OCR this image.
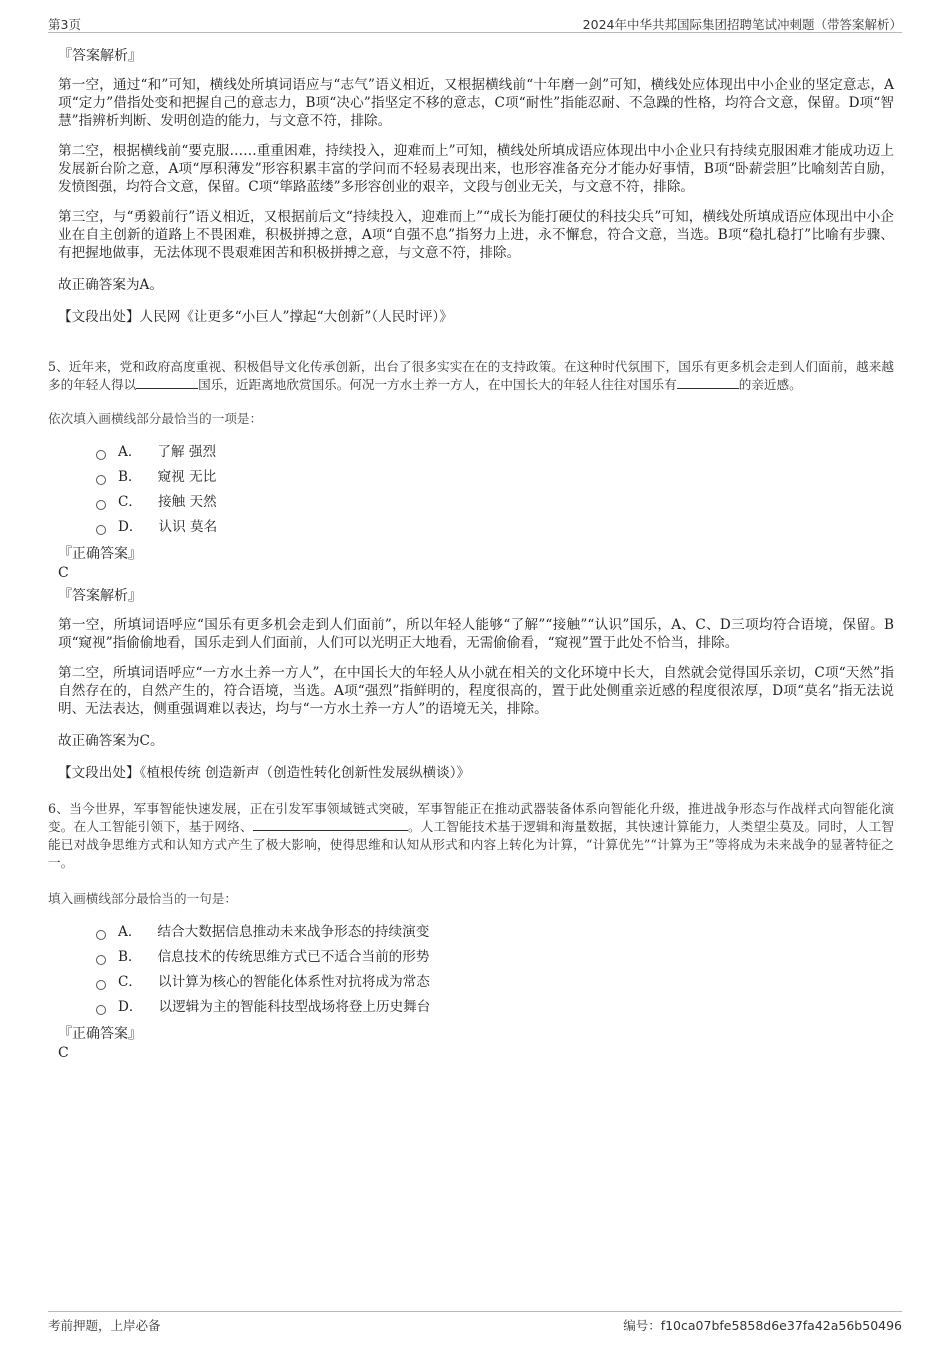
第3页	2024年中华共邦国际集团招聘笔试冲刺题（带答案解析）

『答案解析』

第一空，通过“和”可知，横线处所填词语应与“志气”语义相近，又根据横线前“十年磨一剑”可知，横线处应体现出中小企业的坚定意志，A项“定力”借指处变和把握自己的意志力，B项“决心”指坚定不移的意志，C项“耐性”指能忍耐、不急躁的性格，均符合文意，保留。D项“智慧”指辨析判断、发明创造的能力，与文意不符，排除。

第二空，根据横线前“要克服……重重困难，持续投入，迎难而上”可知，横线处所填成语应体现出中小企业只有持续克服困难才能成功迈上发展新台阶之意，A项“厚积薄发”形容积累丰富的学问而不轻易表现出来，也形容准备充分才能办好事情，B项“卧薪尝胆”比喻刻苦自励，发愤图强，均符合文意，保留。C项“筚路蓝缕”多形容创业的艰辛，文段与创业无关，与文意不符，排除。

第三空，与“勇毅前行”语义相近，又根据前后文“持续投入，迎难而上”“成长为能打硬仗的科技尖兵”可知，横线处所填成语应体现出中小企业在自主创新的道路上不畏困难，积极拼搏之意，A项“自强不息”指努力上进，永不懈怠，符合文意，当选。B项“稳扎稳打”比喻有步骤、有把握地做事，无法体现不畏艰难困苦和积极拼搏之意，与文意不符，排除。

故正确答案为A。

【文段出处】人民网《让更多“小巨人”撑起“大创新”（人民时评）》

5、近年来，党和政府高度重视、积极倡导文化传承创新，出台了很多实实在在的支持政策。在这种时代氛围下，国乐有更多机会走到人们面前，越来越多的年轻人得以	国乐，近距离地欣赏国乐。何况一方水土养一方人，在中国长大的年轻人往往对国乐有	的亲近感。

依次填入画横线部分最恰当的一项是：

A． 了解 强烈
B． 窥视 无比
C． 接触 天然
D． 认识 莫名

『正确答案』

C

『答案解析』

第一空，所填词语呼应“国乐有更多机会走到人们面前”，所以年轻人能够“了解”“接触”“认识”国乐，A、C、D三项均符合语境，保留。B项“窥视”指偷偷地看，国乐走到人们面前，人们可以光明正大地看，无需偷偷看，“窥视”置于此处不恰当，排除。

第二空，所填词语呼应“一方水土养一方人”，在中国长大的年轻人从小就在相关的文化环境中长大，自然就会觉得国乐亲切，C项“天然”指自然存在的，自然产生的，符合语境，当选。A项“强烈”指鲜明的，程度很高的，置于此处侧重亲近感的程度很浓厚，D项“莫名”指无法说明、无法表达，侧重强调难以表达，均与“一方水土养一方人”的语境无关，排除。

故正确答案为C。

【文段出处】《植根传统 创造新声（创造性转化创新性发展纵横谈）》

6、当今世界，军事智能快速发展，正在引发军事领域链式突破，军事智能正在推动武器装备体系向智能化升级，推进战争形态与作战样式向智能化演变。在人工智能引领下，基于网络、	。人工智能技术基于逻辑和海量数据，其快速计算能力，人类望尘莫及。同时，人工智能已对战争思维方式和认知方式产生了极大影响，使得思维和认知从形式和内容上转化为计算，“计算优先”“计算为王”等将成为未来战争的显著特征之一。

填入画横线部分最恰当的一句是：

A． 结合大数据信息推动未来战争形态的持续演变
B． 信息技术的传统思维方式已不适合当前的形势
C． 以计算为核心的智能化体系性对抗将成为常态
D． 以逻辑为主的智能科技型战场将登上历史舞台

『正确答案』

C

考前押题，上岸必备	编号：f10ca07bfe5858d6e37fa42a56b50496
